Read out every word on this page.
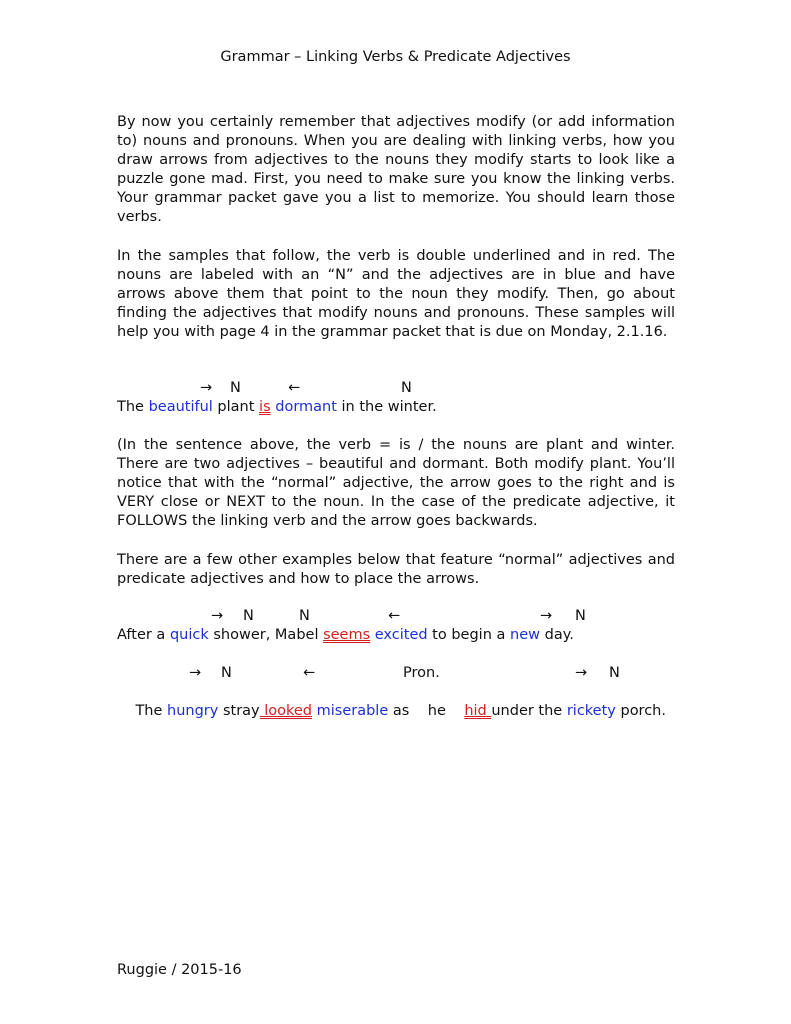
Grammar – Linking Verbs & Predicate Adjectives

By now you certainly remember that adjectives modify (or add information to) nouns and pronouns. When you are dealing with linking verbs, how you draw arrows from adjectives to the nouns they modify starts to look like a puzzle gone mad. First, you need to make sure you know the linking verbs. Your grammar packet gave you a list to memorize. You should learn those verbs.

In the samples that follow, the verb is double underlined and in red. The nouns are labeled with an “N” and the adjectives are in blue and have arrows above them that point to the noun they modify. Then, go about finding the adjectives that modify nouns and pronouns. These samples will help you with page 4 in the grammar packet that is due on Monday, 2.1.16.

→ N	←	N
The beautiful plant is dormant in the winter.

(In the sentence above, the verb = is / the nouns are plant and winter. There are two adjectives – beautiful and dormant. Both modify plant. You’ll notice that with the “normal” adjective, the arrow goes to the right and is VERY close or NEXT to the noun. In the case of the predicate adjective, it FOLLOWS the linking verb and the arrow goes backwards.

There are a few other examples below that feature “normal” adjectives and predicate adjectives and how to place the arrows.

→ N	N	←	→ N
After a quick shower, Mabel seems excited to begin a new day.
→ N	←	Pron.	→ N

The hungry stray looked miserable as    he    hid under the rickety porch.

Ruggie / 2015-16
